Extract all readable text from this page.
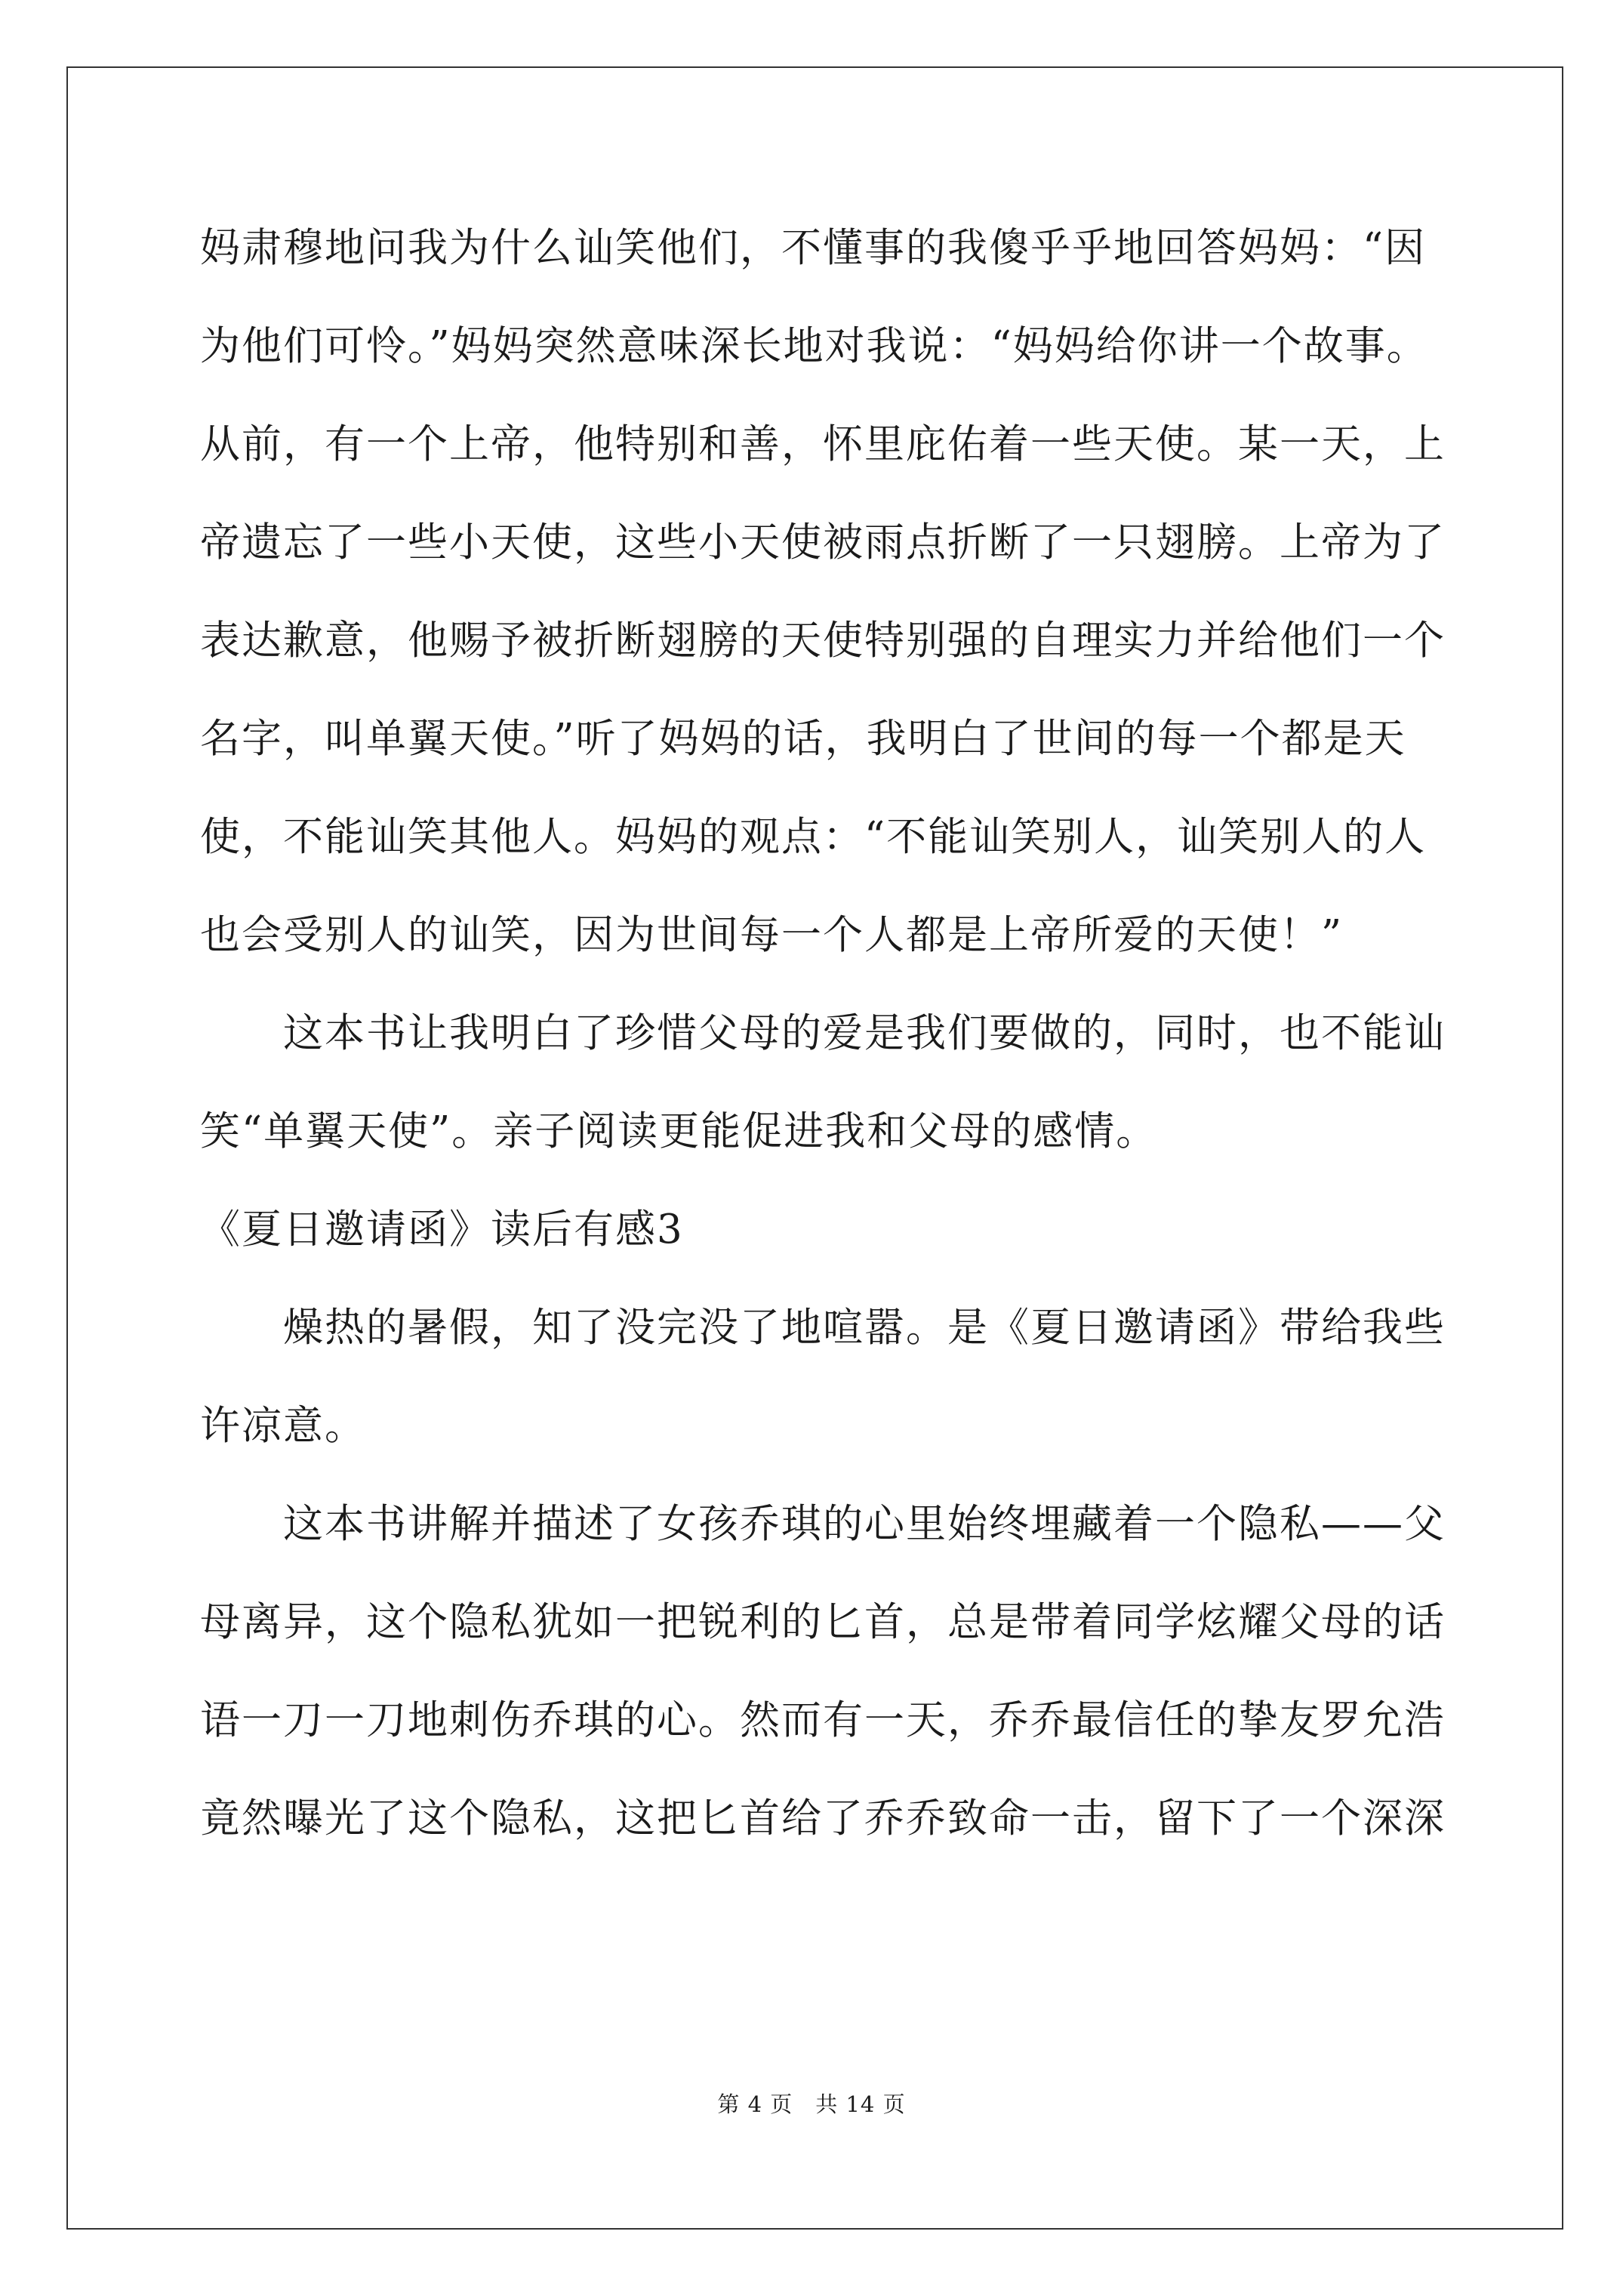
妈肃穆地问我为什么讪笑他们，不懂事的我傻乎乎地回答妈妈：“因
为他们可怜。”妈妈突然意味深长地对我说：“妈妈给你讲一个故事。
从前，有一个上帝，他特别和善，怀里庇佑着一些天使。某一天，上
帝遗忘了一些小天使，这些小天使被雨点折断了一只翅膀。上帝为了
表达歉意，他赐予被折断翅膀的天使特别强的自理实力并给他们一个
名字，叫单翼天使。”听了妈妈的话，我明白了世间的每一个都是天
使，不能讪笑其他人。妈妈的观点：“不能讪笑别人，讪笑别人的人
也会受别人的讪笑，因为世间每一个人都是上帝所爱的天使！”
　　这本书让我明白了珍惜父母的爱是我们要做的，同时，也不能讪
笑“单翼天使”。亲子阅读更能促进我和父母的感情。
《夏日邀请函》读后有感3
　　燥热的暑假，知了没完没了地喧嚣。是《夏日邀请函》带给我些
许凉意。
　　这本书讲解并描述了女孩乔琪的心里始终埋藏着一个隐私——父
母离异，这个隐私犹如一把锐利的匕首，总是带着同学炫耀父母的话
语一刀一刀地刺伤乔琪的心。然而有一天，乔乔最信任的挚友罗允浩
竟然曝光了这个隐私，这把匕首给了乔乔致命一击，留下了一个深深
第 4 页　共 14 页
